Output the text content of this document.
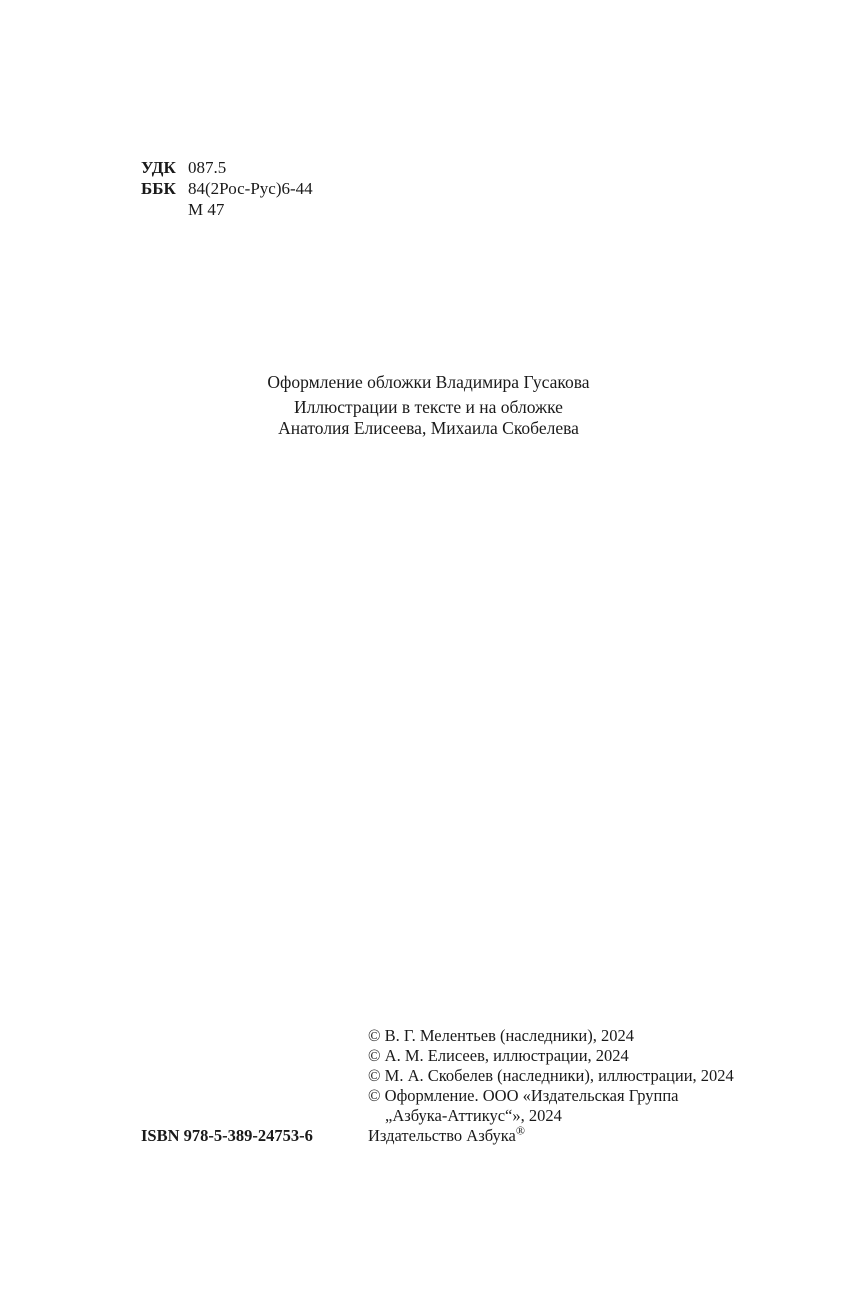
УДК 087.5
ББК 84(2Рос-Рус)6-44
М 47
Оформление обложки Владимира Гусакова
Иллюстрации в тексте и на обложке
Анатолия Елисеева, Михаила Скобелева
© В. Г. Мелентьев (наследники), 2024
© А. М. Елисеев, иллюстрации, 2024
© М. А. Скобелев (наследники), иллюстрации, 2024
© Оформление. ООО «Издательская Группа
„Азбука-Аттикус“», 2024
Издательство Азбука®
ISBN 978-5-389-24753-6
